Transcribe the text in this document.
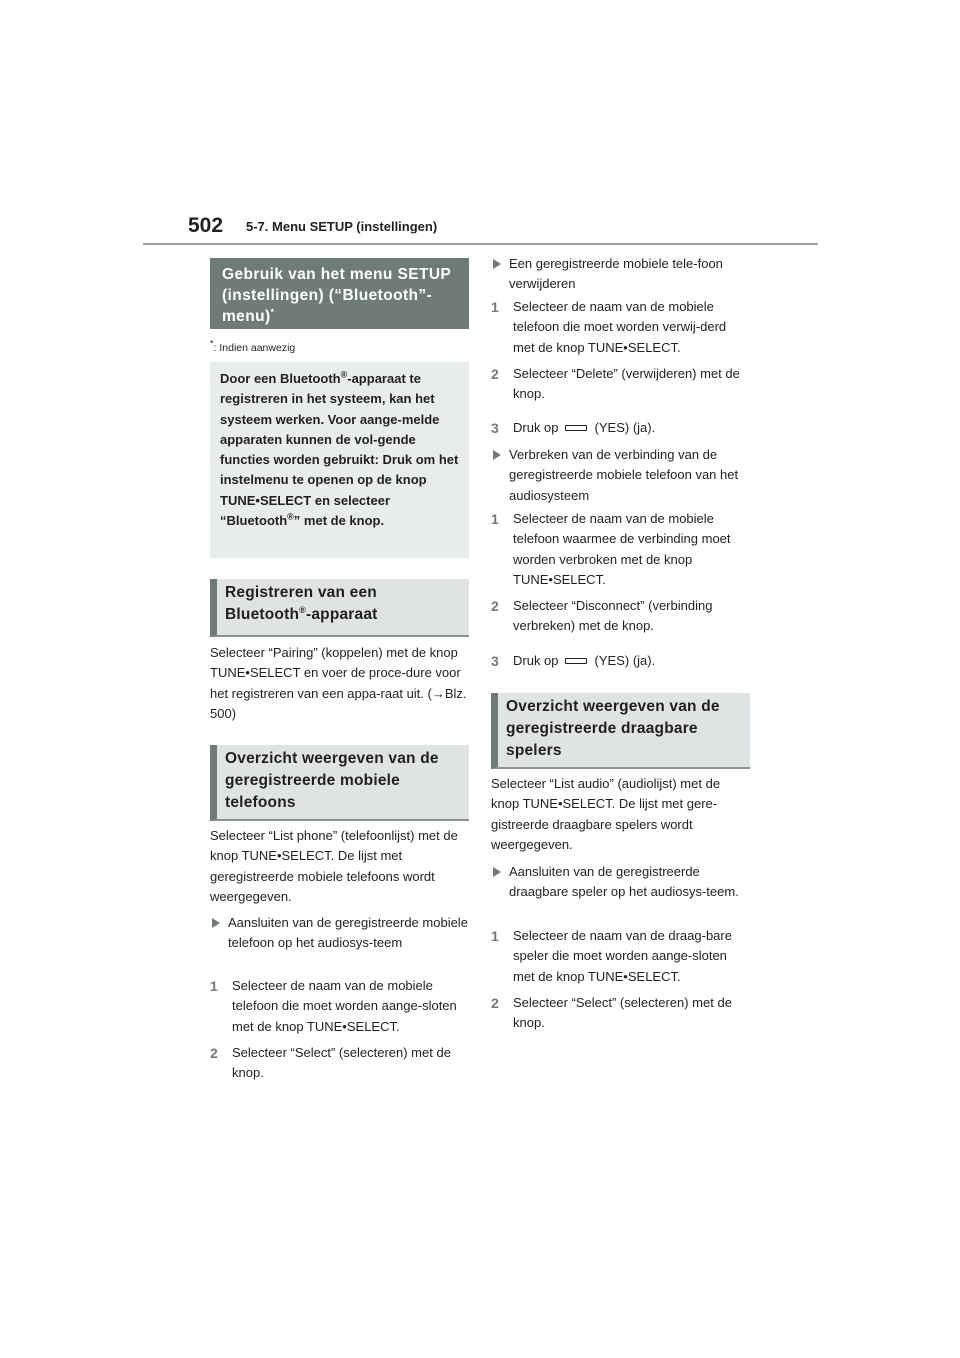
502 5-7. Menu SETUP (instellingen)
Gebruik van het menu SETUP (instellingen) (“Bluetooth”-menu)*
*: Indien aanwezig
Door een Bluetooth®-apparaat te registreren in het systeem, kan het systeem werken. Voor aange-melde apparaten kunnen de vol-gende functies worden gebruikt: Druk om het instelmenu te openen op de knop TUNE•SELECT en selecteer “Bluetooth®” met de knop.
Registreren van een Bluetooth®-apparaat
Selecteer “Pairing” (koppelen) met de knop TUNE•SELECT en voer de proce-dure voor het registreren van een appa-raat uit. (→Blz. 500)
Overzicht weergeven van de geregistreerde mobiele telefoons
Selecteer “List phone” (telefoonlijst) met de knop TUNE•SELECT. De lijst met geregistreerde mobiele telefoons wordt weergegeven.
Aansluiten van de geregistreerde mobiele telefoon op het audiosys-teem
1 Selecteer de naam van de mobiele telefoon die moet worden aange-sloten met de knop TUNE•SELECT.
2 Selecteer “Select” (selecteren) met de knop.
Een geregistreerde mobiele tele-foon verwijderen
1 Selecteer de naam van de mobiele telefoon die moet worden verwij-derd met de knop TUNE•SELECT.
2 Selecteer “Delete” (verwijderen) met de knop.
3 Druk op	(YES) (ja).
Verbreken van de verbinding van de geregistreerde mobiele telefoon van het audiosysteem
1 Selecteer de naam van de mobiele telefoon waarmee de verbinding moet worden verbroken met de knop TUNE•SELECT.
2 Selecteer “Disconnect” (verbinding verbreken) met de knop.
3 Druk op	(YES) (ja).
Overzicht weergeven van de geregistreerde draagbare spelers
Selecteer “List audio” (audiolijst) met de knop TUNE•SELECT. De lijst met gere-gistreerde draagbare spelers wordt weergegeven.
Aansluiten van de geregistreerde draagbare speler op het audiosys-teem.
1 Selecteer de naam van de draag-bare speler die moet worden aange-sloten met de knop TUNE•SELECT.
2 Selecteer “Select” (selecteren) met de knop.
